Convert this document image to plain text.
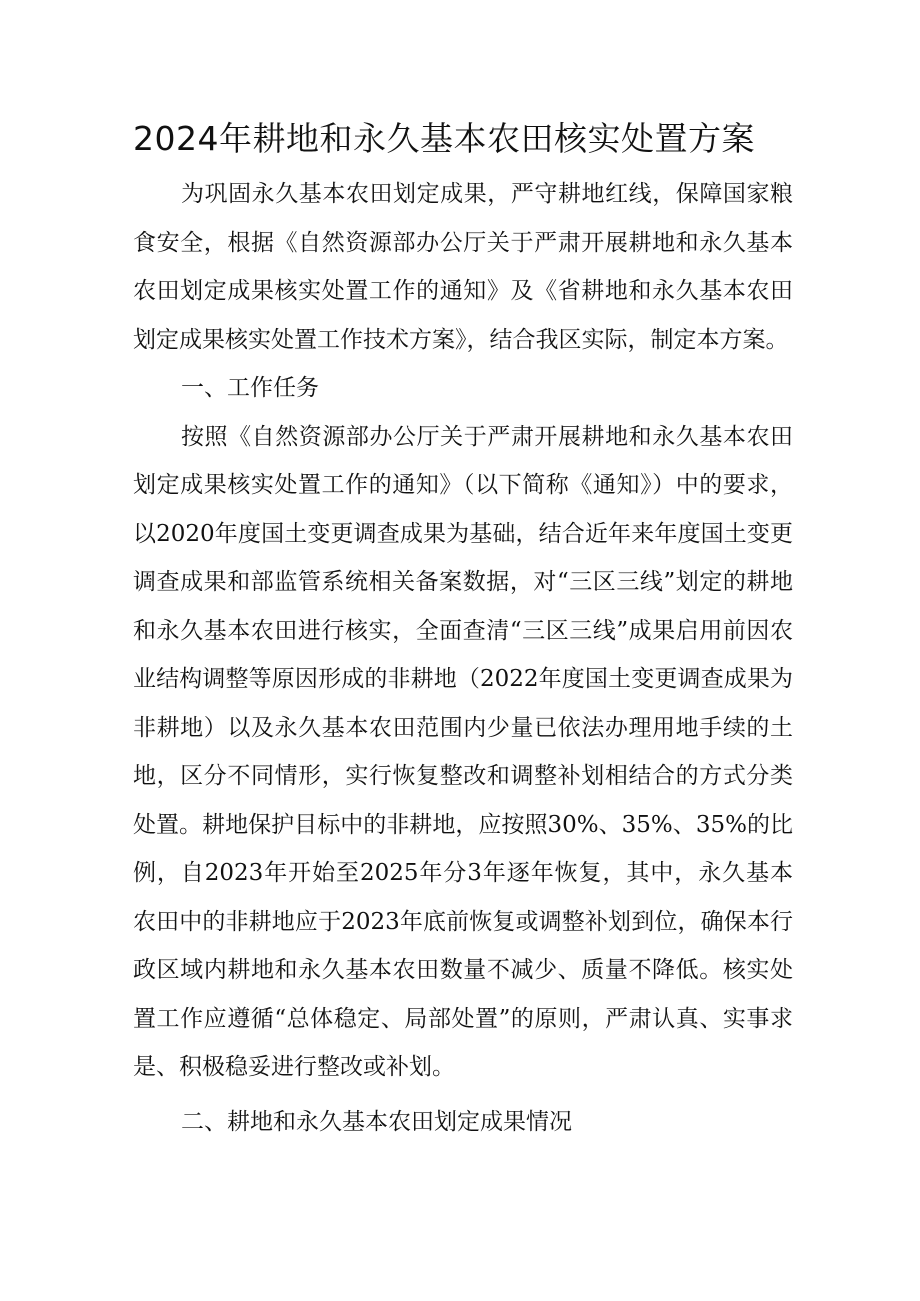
2024年耕地和永久基本农田核实处置方案

为巩固永久基本农田划定成果，严守耕地红线，保障国家粮食安全，根据《自然资源部办公厅关于严肃开展耕地和永久基本农田划定成果核实处置工作的通知》及《省耕地和永久基本农田划定成果核实处置工作技术方案》，结合我区实际，制定本方案。

一、工作任务

按照《自然资源部办公厅关于严肃开展耕地和永久基本农田划定成果核实处置工作的通知》（以下简称《通知》）中的要求，以2020年度国土变更调查成果为基础，结合近年来年度国土变更调查成果和部监管系统相关备案数据，对“三区三线”划定的耕地和永久基本农田进行核实，全面查清“三区三线”成果启用前因农业结构调整等原因形成的非耕地（2022年度国土变更调查成果为非耕地）以及永久基本农田范围内少量已依法办理用地手续的土地，区分不同情形，实行恢复整改和调整补划相结合的方式分类处置。耕地保护目标中的非耕地，应按照30%、35%、35%的比例，自2023年开始至2025年分3年逐年恢复，其中，永久基本农田中的非耕地应于2023年底前恢复或调整补划到位，确保本行政区域内耕地和永久基本农田数量不减少、质量不降低。核实处置工作应遵循“总体稳定、局部处置”的原则，严肃认真、实事求是、积极稳妥进行整改或补划。

二、耕地和永久基本农田划定成果情况
